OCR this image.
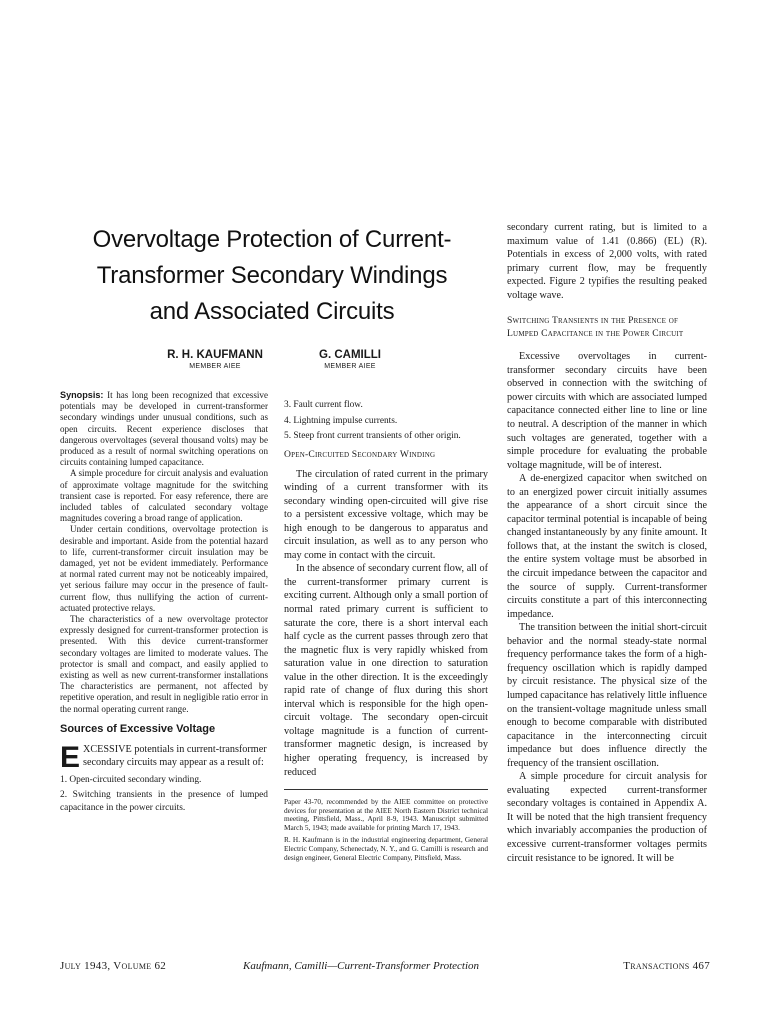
Overvoltage Protection of Current-

Transformer Secondary Windings

and Associated Circuits

R. H. KAUFMANN
MEMBER AIEE
G. CAMILLI
MEMBER AIEE

Synopsis: It has long been recognized that excessive potentials may be developed in current-transformer secondary windings under unusual conditions, such as open circuits. Recent experience discloses that dangerous overvoltages (several thousand volts) may be produced as a result of normal switching operations on circuits containing lumped capacitance.

A simple procedure for circuit analysis and evaluation of approximate voltage magnitude for the switching transient case is reported. For easy reference, there are included tables of calculated secondary voltage magnitudes covering a broad range of application.

Under certain conditions, overvoltage protection is desirable and important. Aside from the potential hazard to life, current-transformer circuit insulation may be damaged, yet not be evident immediately. Performance at normal rated current may not be noticeably impaired, yet serious failure may occur in the presence of fault-current flow, thus nullifying the action of current-actuated protective relays.

The characteristics of a new overvoltage protector expressly designed for current-transformer protection is presented. With this device current-transformer secondary voltages are limited to moderate values. The protector is small and compact, and easily applied to existing as well as new current-transformer installations The characteristics are permanent, not affected by repetitive operation, and result in negligible ratio error in the normal operating current range.

Sources of Excessive Voltage

EXCESSIVE potentials in current-transformer secondary circuits may appear as a result of:

1. Open-circuited secondary winding.
2. Switching transients in the presence of lumped capacitance in the power circuits.
3. Fault current flow.
4. Lightning impulse currents.
5. Steep front current transients of other origin.
Open-Circuited Secondary Winding

The circulation of rated current in the primary winding of a current transformer with its secondary winding open-circuited will give rise to a persistent excessive voltage, which may be high enough to be dangerous to apparatus and circuit insulation, as well as to any person who may come in contact with the circuit.

In the absence of secondary current flow, all of the current-transformer primary current is exciting current. Although only a small portion of normal rated primary current is sufficient to saturate the core, there is a short interval each half cycle as the current passes through zero that the magnetic flux is very rapidly whisked from saturation value in one direction to saturation value in the other direction. It is the exceedingly rapid rate of change of flux during this short interval which is responsible for the high open-circuit voltage. The secondary open-circuit voltage magnitude is a function of current-transformer magnetic design, is increased by higher operating frequency, is increased by reduced

Paper 43-70, recommended by the AIEE committee on protective devices for presentation at the AIEE North Eastern District technical meeting, Pittsfield, Mass., April 8-9, 1943. Manuscript submitted March 5, 1943; made available for printing March 17, 1943.

R. H. Kaufmann is in the industrial engineering department, General Electric Company, Schenectady, N. Y., and G. Camilli is research and design engineer, General Electric Company, Pittsfield, Mass.

secondary current rating, but is limited to a maximum value of 1.41 (0.866) (EL) (R). Potentials in excess of 2,000 volts, with rated primary current flow, may be frequently expected. Figure 2 typifies the resulting peaked voltage wave.

Switching Transients in the Presence of Lumped Capacitance in the Power Circuit

Excessive overvoltages in current-transformer secondary circuits have been observed in connection with the switching of power circuits with which are associated lumped capacitance connected either line to line or line to neutral. A description of the manner in which such voltages are generated, together with a simple procedure for evaluating the probable voltage magnitude, will be of interest.

A de-energized capacitor when switched on to an energized power circuit initially assumes the appearance of a short circuit since the capacitor terminal potential is incapable of being changed instantaneously by any finite amount. It follows that, at the instant the switch is closed, the entire system voltage must be absorbed in the circuit impedance between the capacitor and the source of supply. Current-transformer circuits constitute a part of this interconnecting impedance.

The transition between the initial short-circuit behavior and the normal steady-state normal frequency performance takes the form of a high-frequency oscillation which is rapidly damped by circuit resistance. The physical size of the lumped capacitance has relatively little influence on the transient-voltage magnitude unless small enough to become comparable with distributed capacitance in the interconnecting circuit impedance but does influence directly the frequency of the transient oscillation.

A simple procedure for circuit analysis for evaluating expected current-transformer secondary voltages is contained in Appendix A. It will be noted that the high transient frequency which invariably accompanies the production of excessive current-transformer voltages permits circuit resistance to be ignored. It will be

July 1943, Volume 62	Kaufmann, Camilli—Current-Transformer Protection	Transactions 467
